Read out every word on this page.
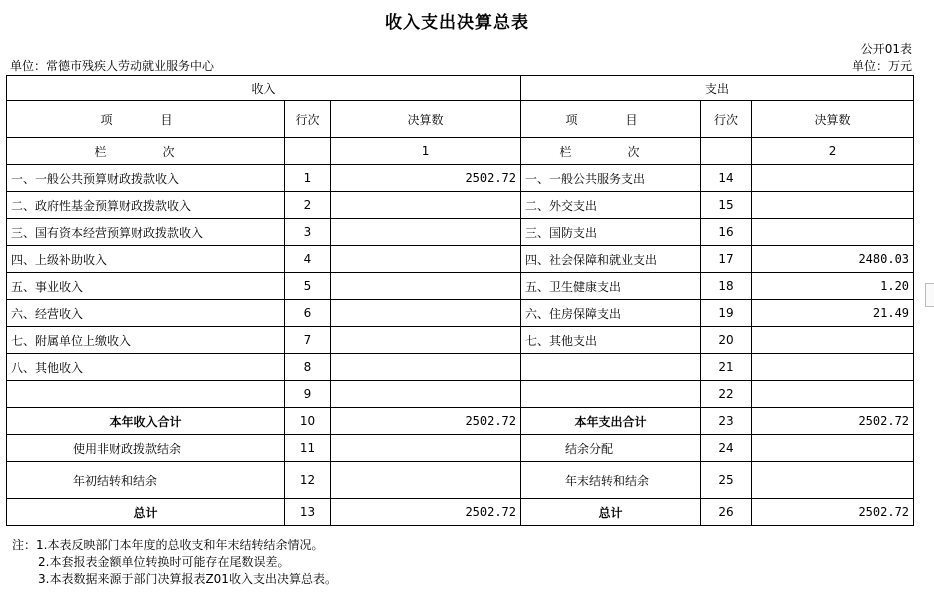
收入支出决算总表
公开01表
单位：常德市残疾人劳动就业服务中心	单位：万元
收入			支出		
项　目	行次	决算数	项　目	行次	决算数
栏　次		1	栏　次		2
一、一般公共预算财政拨款收入	1	2502.72	一、一般公共服务支出	14	
二、政府性基金预算财政拨款收入	2		二、外交支出	15	
三、国有资本经营预算财政拨款收入	3		三、国防支出	16	
四、上级补助收入	4		四、社会保障和就业支出	17	2480.03
五、事业收入	5		五、卫生健康支出	18	1.20
六、经营收入	6		六、住房保障支出	19	21.49
七、附属单位上缴收入	7		七、其他支出	20	
八、其他收入	8			21	
	9			22	
本年收入合计	10	2502.72	本年支出合计	23	2502.72
使用非财政拨款结余	11		结余分配	24	
年初结转和结余	12		年末结转和结余	25	
总计	13	2502.72	总计	26	2502.72
注：1.本表反映部门本年度的总收支和年末结转结余情况。
2.本套报表金额单位转换时可能存在尾数误差。
3.本表数据来源于部门决算报表Z01收入支出决算总表。
